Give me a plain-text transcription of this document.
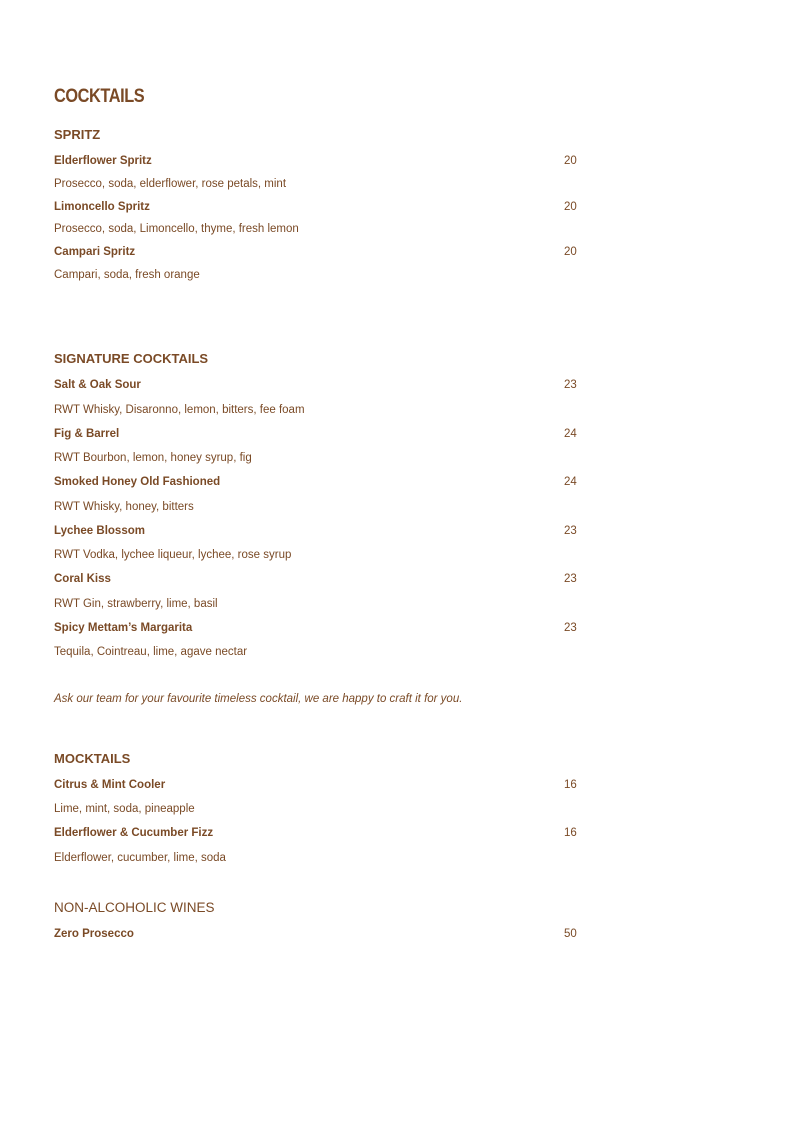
COCKTAILS
SPRITZ
Elderflower Spritz	20
Prosecco, soda, elderflower, rose petals, mint
Limoncello Spritz	20
Prosecco, soda, Limoncello, thyme, fresh lemon
Campari Spritz	20
Campari, soda, fresh orange
SIGNATURE COCKTAILS
Salt & Oak Sour	23
RWT Whisky, Disaronno, lemon, bitters, fee foam
Fig & Barrel	24
RWT Bourbon, lemon, honey syrup, fig
Smoked Honey Old Fashioned	24
RWT Whisky, honey, bitters
Lychee Blossom	23
RWT Vodka, lychee liqueur, lychee, rose syrup
Coral Kiss	23
RWT Gin, strawberry, lime, basil
Spicy Mettam’s Margarita	23
Tequila, Cointreau, lime, agave nectar
Ask our team for your favourite timeless cocktail, we are happy to craft it for you.
MOCKTAILS
Citrus & Mint Cooler	16
Lime, mint, soda, pineapple
Elderflower & Cucumber Fizz	16
Elderflower, cucumber, lime, soda
NON-ALCOHOLIC WINES
Zero Prosecco	50
